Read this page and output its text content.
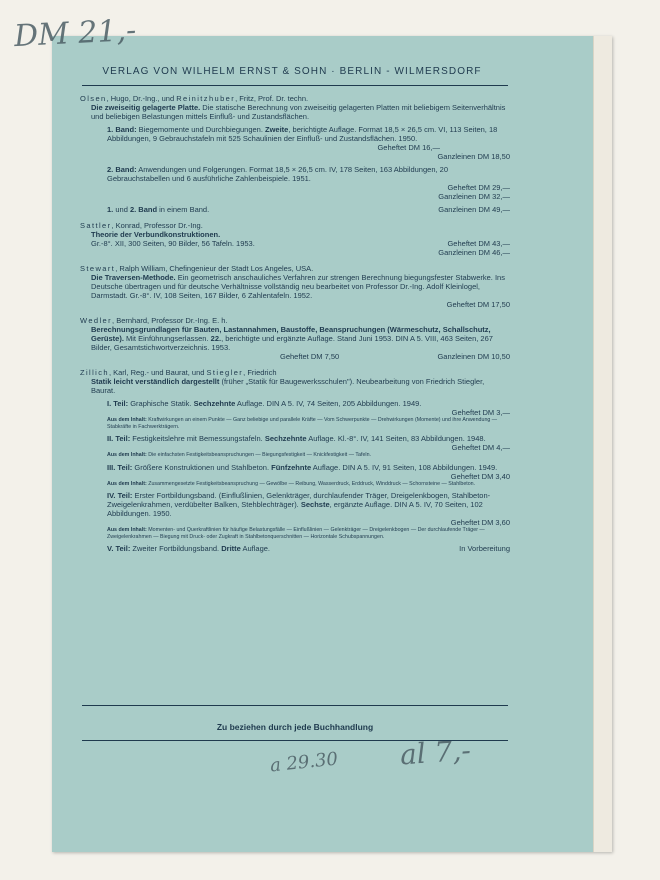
DM 21,-
a 29.30 al 7,-
VERLAG VON WILHELM ERNST & SOHN · BERLIN - WILMERSDORF
Olsen, Hugo, Dr.-Ing., und Reinitzhuber, Fritz, Prof. Dr. techn.
Die zweiseitig gelagerte Platte. Die statische Berechnung von zweiseitig gelagerten Platten mit beliebigem Seitenverhältnis und beliebigen Belastungen mittels Einfluß- und Zustandsflächen.
1. Band: Biegemomente und Durchbiegungen. Zweite, berichtigte Auflage. Format 18,5 × 26,5 cm. VI, 113 Seiten, 18 Abbildungen, 9 Gebrauchstafeln mit 525 Schaulinien der Einfluß- und Zustandsflächen. 1950.
Geheftet DM 16,—
Ganzleinen DM 18,50
2. Band: Anwendungen und Folgerungen. Format 18,5 × 26,5 cm. IV, 178 Seiten, 163 Abbildungen, 20 Gebrauchstabellen und 6 ausführliche Zahlenbeispiele. 1951.
Geheftet DM 29,—
Ganzleinen DM 32,—
1. und 2. Band in einem Band.	Ganzleinen DM 49,—
Sattler, Konrad, Professor Dr.-Ing.
Theorie der Verbundkonstruktionen.
Gr.-8°. XII, 300 Seiten, 90 Bilder, 56 Tafeln. 1953.	Geheftet DM 43,—
Ganzleinen DM 46,—
Stewart, Ralph William, Chefingenieur der Stadt Los Angeles, USA.
Die Traversen-Methode. Ein geometrisch anschauliches Verfahren zur strengen Berechnung biegungsfester Stabwerke. Ins Deutsche übertragen und für deutsche Verhältnisse vollständig neu bearbeitet von Professor Dr.-Ing. Adolf Kleinlogel, Darmstadt. Gr.-8°. IV, 108 Seiten, 167 Bilder, 6 Zahlentafeln. 1952.
Geheftet DM 17,50
Wedler, Bernhard, Professor Dr.-Ing. E. h.
Berechnungsgrundlagen für Bauten, Lastannahmen, Baustoffe, Beanspruchungen (Wärmeschutz, Schallschutz, Gerüste). Mit Einführungserlassen. 22., berichtigte und ergänzte Auflage. Stand Juni 1953. DIN A 5. VIII, 463 Seiten, 267 Bilder, Gesamtstichwortverzeichnis. 1953.
Geheftet DM 7,50	Ganzleinen DM 10,50
Zillich, Karl, Reg.- und Baurat, und Stiegler, Friedrich
Statik leicht verständlich dargestellt (früher „Statik für Baugewerksschulen"). Neubearbeitung von Friedrich Stiegler, Baurat.
I. Teil: Graphische Statik. Sechzehnte Auflage. DIN A 5. IV, 74 Seiten, 205 Abbildungen. 1949.
Geheftet DM 3,—
Aus dem Inhalt: Kraftwirkungen an einem Punkte — Ganz beliebige und parallele Kräfte — Vom Schwerpunkte — Drehwirkungen (Momente) und ihre Anwendung — Stabkräfte in Fachwerkträgern.
II. Teil: Festigkeitslehre mit Bemessungstafeln. Sechzehnte Auflage. Kl.-8°. IV, 141 Seiten, 83 Abbildungen. 1948.
Geheftet DM 4,—
Aus dem Inhalt: Die einfachsten Festigkeitsbeanspruchungen — Biegungsfestigkeit — Knickfestigkeit — Tafeln.
III. Teil: Größere Konstruktionen und Stahlbeton. Fünfzehnte Auflage. DIN A 5. IV, 91 Seiten, 108 Abbildungen. 1949.
Geheftet DM 3,40
Aus dem Inhalt: Zusammengesetzte Festigkeitsbeanspruchung — Gewölbe — Reibung, Wasserdruck, Erddruck, Winddruck — Schornsteine — Stahlbeton.
IV. Teil: Erster Fortbildungsband. (Einflußlinien, Gelenkträger, durchlaufender Träger, Dreigelenkbogen, Stahlbeton-Zweigelenkrahmen, verdübelter Balken, Stehblechträger). Sechste, ergänzte Auflage. DIN A 5. IV, 70 Seiten, 102 Abbildungen. 1950.
Geheftet DM 3,60
Aus dem Inhalt: Momenten- und Querkraftlinien für häufige Belastungsfälle — Einflußlinien — Gelenkträger — Dreigelenkbogen — Der durchlaufende Träger — Zweigelenkrahmen — Biegung mit Druck- oder Zugkraft in Stahlbetonquerschnitten — Horizontale Schubspannungen.
V. Teil: Zweiter Fortbildungsband. Dritte Auflage.	In Vorbereitung
Zu beziehen durch jede Buchhandlung
